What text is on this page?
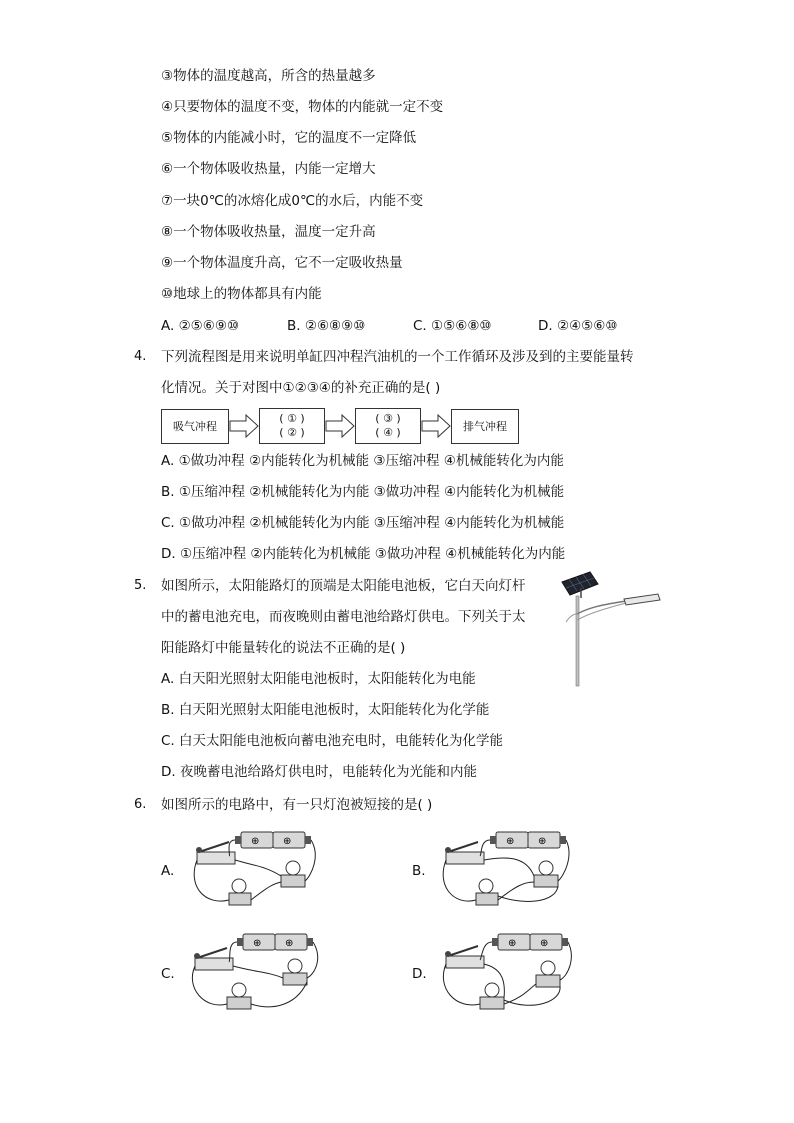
③物体的温度越高，所含的热量越多
④只要物体的温度不变，物体的内能就一定不变
⑤物体的内能减小时，它的温度不一定降低
⑥一个物体吸收热量，内能一定增大
⑦一块0℃的冰熔化成0℃的水后，内能不变
⑧一个物体吸收热量，温度一定升高
⑨一个物体温度升高，它不一定吸收热量
⑩地球上的物体都具有内能
A. ②⑤⑥⑨⑩	B. ②⑥⑧⑨⑩	C. ①⑤⑥⑧⑩	D. ②④⑤⑥⑩
4. 下列流程图是用来说明单缸四冲程汽油机的一个工作循环及涉及到的主要能量转
化情况。关于对图中①②③④的补充正确的是( )
吸气冲程
( ① )
( ② )
( ③ )
( ④ )	排气冲程
A. ①做功冲程 ②内能转化为机械能 ③压缩冲程 ④机械能转化为内能
B. ①压缩冲程 ②机械能转化为内能 ③做功冲程 ④内能转化为机械能
C. ①做功冲程 ②机械能转化为内能 ③压缩冲程 ④内能转化为机械能
D. ①压缩冲程 ②内能转化为机械能 ③做功冲程 ④机械能转化为内能
5. 如图所示，太阳能路灯的顶端是太阳能电池板，它白天向灯杆
中的蓄电池充电，而夜晚则由蓄电池给路灯供电。下列关于太
阳能路灯中能量转化的说法不正确的是( )
A. 白天阳光照射太阳能电池板时，太阳能转化为电能
B. 白天阳光照射太阳能电池板时，太阳能转化为化学能
C. 白天太阳能电池板向蓄电池充电时，电能转化为化学能
D. 夜晚蓄电池给路灯供电时，电能转化为光能和内能
6. 如图所示的电路中，有一只灯泡被短接的是( )
A.	B.
C.	D.
⊕ ⊕	⊕ ⊕
⊕ ⊕	⊕ ⊕
